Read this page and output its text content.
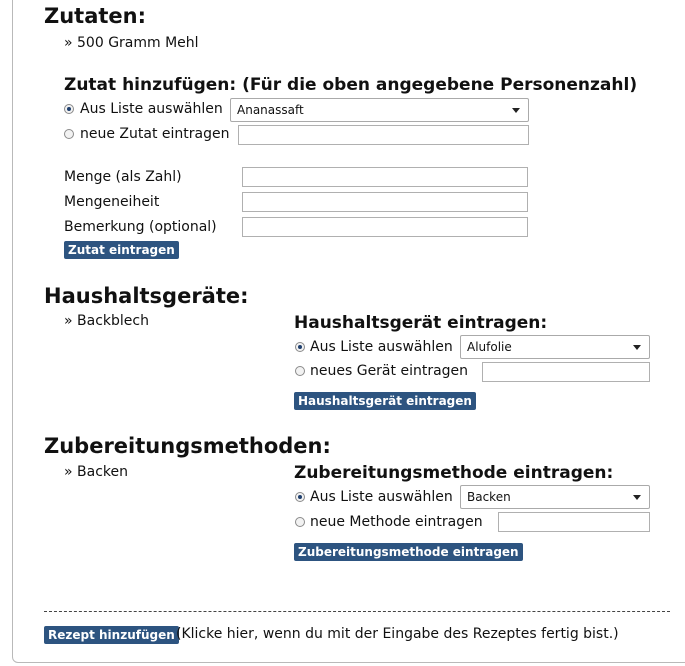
Zutaten:
» 500 Gramm Mehl
Zutat hinzufügen: (Für die oben angegebene Personenzahl)
Aus Liste auswählen	Ananassaft
neue Zutat eintragen
Menge (als Zahl)
Mengeneiheit
Bemerkung (optional)
Zutat eintragen
Haushaltsgeräte:
» Backblech	Haushaltsgerät eintragen:
Aus Liste auswählen	Alufolie
neues Gerät eintragen
Haushaltsgerät eintragen
Zubereitungsmethoden:
» Backen	Zubereitungsmethode eintragen:
Aus Liste auswählen	Backen
neue Methode eintragen
Zubereitungsmethode eintragen
Rezept hinzufügen (Klicke hier, wenn du mit der Eingabe des Rezeptes fertig bist.)
